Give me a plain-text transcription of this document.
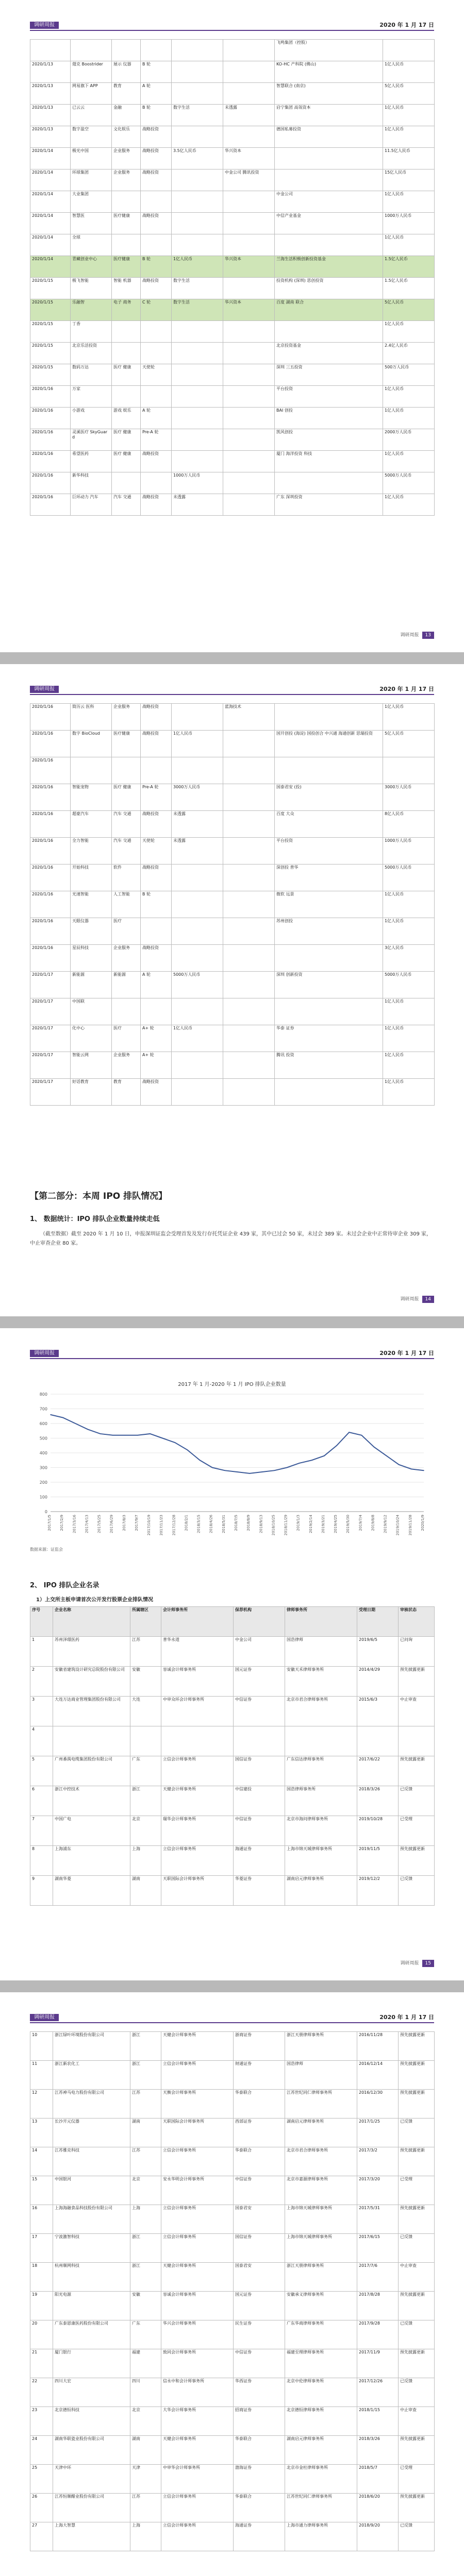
调研周报	2020 年 1 月 17 日
						飞鸣集团（控股）	
2020/1/13	蔻克 Boostrider	展示 仪器	B 轮			KO-HC 产科院 (佛山)	1亿人民币
2020/1/13	网易旗下 APP	教育	A 轮			智慧联合 (南京)	5亿人民币
2020/1/13	已云云	金融	B 轮	数字生活	未透露	启宁集团 高瓴资本	1亿人民币
2020/1/13	数字盈空	文化娱乐	战略投资			德国私募投资	1亿人民币
2020/1/14	极光中国	企业服务	战略投资	3.5亿人民币	华兴资本		11.5亿人民币
2020/1/14	环球集团	企业服务	战略投资		中金公司 腾讯投资		15亿人民币
2020/1/14	大业集团					中金公司	1亿人民币
2020/1/14	智慧医	医疗健康	战略投资			中信产业基金	1000万人民币
2020/1/14	全球						1亿人民币
2020/1/14	青藏创业中心	医疗健康	B 轮	1亿人民币	华兴资本	兰海生活积极创新投资基金	1.5亿人民币
2020/1/15	极飞智能	智能 机器	战略投资	数字生活		投资机构 (深圳) 思创投资	1.5亿人民币
2020/1/15	乐融智	电子 商务	C 轮	数字生活	华兴资本	百度 湖南 联合	5亿人民币
2020/1/15	丁香						1亿人民币
2020/1/15	北京乐活投资					北京投资基金	2.4亿人民币
2020/1/15	数码万达	医疗 健康	天使轮			深圳 三五投资	500万人民币
2020/1/16	万家					平台投资	1亿人民币
2020/1/16	小游戏	游戏 娱乐	A 轮			BAI 创投	1亿人民币
2020/1/16	灵溪医疗 SkyGuard	医疗 健康	Pre-A 轮			凯风创投	2000万人民币
2020/1/16	希望医药	医疗 健康	战略投资			厦门 海洋投资 科技	1亿人民币
2020/1/16	新华科技			1000万人民币			5000万人民币
2020/1/16	巨环动力 汽车	汽车 交通	战略投资	未透露		广东 深圳投资	1亿人民币
调研周报 13
调研周报	2020 年 1 月 17 日
2020/1/16	简历云 医科	企业服务	战略投资		蓝海技术		1亿人民币
2020/1/16	数字 BioCloud	医疗健康	战略投资	1亿人民币		国开创投 (海淀) 国投创合 中兴通 海通创新 思瑞投资	5亿人民币
2020/1/16							
2020/1/16	智能宠物	医疗 健康	Pre-A 轮	3000万人民币		国泰君安 (投)	3000万人民币
2020/1/16	超豪汽车	汽车 交通	战略投资	未透露		百度 大众	8亿人民币
2020/1/16	全力智能	汽车 交通	天使轮	未透露		平台投资	1000万人民币
2020/1/16	开始科技	软件	战略投资			深创投 普华	5000万人民币
2020/1/16	光速智能	人工智能	B 轮			微软 远景	1亿人民币
2020/1/16	天眼仪器	医疗				苏州创投	1亿人民币
2020/1/16	星辰科技	企业服务	战略投资				3亿人民币
2020/1/17	新能源	新能源	A 轮	5000万人民币		深圳 创新投资	5000万人民币
2020/1/17	中国联						1亿人民币
2020/1/17	化中心	医疗	A+ 轮	1亿人民币		华泰 证券	1亿人民币
2020/1/17	智能云网	企业服务	A+ 轮			腾讯 投资	1亿人民币
2020/1/17	好话教育	教育	战略投资				1亿人民币
【第二部分：本周 IPO 排队情况】
1、 数据统计：IPO 排队企业数量持续走低
（截至数据）截至 2020 年 1 月 10 日，申报深圳证监会受理首发及发行存托凭证企业 439 家，其中已过会 50 家，未过会 389 家。未过会企业中正常待审企业 309 家，中止审查企业 80 家。
调研周报 14
调研周报	2020 年 1 月 17 日
2017 年 1 月-2020 年 1 月 IPO 排队企业数量
800
700
600
500
400
300
200
100
0
2017/1/5 2017/2/9 2017/3/16 2017/4/13 2017/5/25 2017/6/29 2017/8/3 2017/9/7 2017/10/19 2017/11/23 2017/12/28 2018/2/1 2018/3/15 2018/4/26 2018/5/31 2018/7/5 2018/8/9 2018/9/13 2018/10/25 2018/11/29 2019/1/3 2019/2/14 2019/3/21 2019/4/25 2019/5/30 2019/7/4 2019/8/8 2019/9/12 2019/10/24 2019/11/28 2020/1/9
数据来源：证监会
2、 IPO 排队企业名录
1）上交所主板申请首次公开发行股票企业排队情况
序号	企业名称	所属辖区	会计师事务所	保荐机构	律师事务所	受理日期	审核状态
1	苏州泽璟医药	江苏	普华永道	中金公司	国浩律师	2019/6/5	已问询
2	安徽省建筑设计研究总院股份有限公司	安徽	容诚会计师事务所	国元证券	安徽天禾律师事务所	2014/4/29	预先披露更新
3	大连万达商业管理集团股份有限公司	大连	中审众环会计师事务所	中信证券	北京市君合律师事务所	2015/6/3	中止审查
4							
5	广州番禺电缆集团股份有限公司	广东	立信会计师事务所	国信证券	广东信达律师事务所	2017/6/22	预先披露更新
6	浙江中控技术	浙江	天健会计师事务所	中信建投	国浩律师事务所	2018/3/26	已反馈
7	中国广电	北京	瑞华会计师事务所	中信证券	北京市海问律师事务所	2019/10/28	已受理
8	上海浦东	上海	立信会计师事务所	海通证券	上海市锦天城律师事务所	2019/11/5	预先披露更新
9	湖南华菱	湖南	天职国际会计师事务所	华菱证券	湖南启元律师事务所	2019/12/2	已反馈
调研周报 15
调研周报	2020 年 1 月 17 日
10	浙江绿叶环境股份有限公司	浙江	天健会计师事务所	浙商证券	浙江天册律师事务所	2016/11/28	预先披露更新
11	浙江新农化工	浙江	立信会计师事务所	财通证券	国浩律师	2016/12/14	预先披露更新
12	江苏神马电力股份有限公司	江苏	天衡会计师事务所	华泰联合	江苏世纪同仁律师事务所	2016/12/30	预先披露更新
13	长沙开元仪器	湖南	天职国际会计师事务所	西部证券	湖南启元律师事务所	2017/1/25	已反馈
14	江苏雅克科技	江苏	立信会计师事务所	华泰联合	北京市君合律师事务所	2017/3/2	预先披露更新
15	中国银河	北京	安永华明会计师事务所	中信证券	北京市嘉源律师事务所	2017/3/20	已受理
16	上海海融食品科技股份有限公司	上海	立信会计师事务所	国泰君安	上海市锦天城律师事务所	2017/5/31	预先披露更新
17	宁波激智科技	浙江	立信会计师事务所	国信证券	上海市锦天城律师事务所	2017/6/15	已反馈
18	杭州顺网科技	浙江	天健会计师事务所	国泰君安	浙江天册律师事务所	2017/7/6	中止审查
19	阳光电源	安徽	容诚会计师事务所	国元证券	安徽承义律师事务所	2017/8/28	预先披露更新
20	广东泰恩康医药股份有限公司	广东	华兴会计师事务所	民生证券	广东华商律师事务所	2017/9/28	已反馈
21	厦门银行	福建	致同会计师事务所	中信证券	福建至理律师事务所	2017/11/9	预先披露更新
22	四川大宏	四川	信永中和会计师事务所	华西证券	北京中伦律师事务所	2017/12/26	已反馈
23	北京德恒科技	北京	大华会计师事务所	招商证券	北京德恒律师事务所	2018/1/15	中止审查
24	湖南华联瓷业股份有限公司	湖南	天健会计师事务所	华泰联合	湖南启元律师事务所	2018/3/26	预先披露更新
25	天津中环	天津	中审华会计师事务所	渤海证券	北京市金杜律师事务所	2018/5/7	已受理
26	江苏恒顺醋业股份有限公司	江苏	立信会计师事务所	华泰联合	江苏世纪同仁律师事务所	2018/6/20	预先披露更新
27	上海大智慧	上海	立信会计师事务所	海通证券	上海市通力律师事务所	2018/9/20	已反馈
